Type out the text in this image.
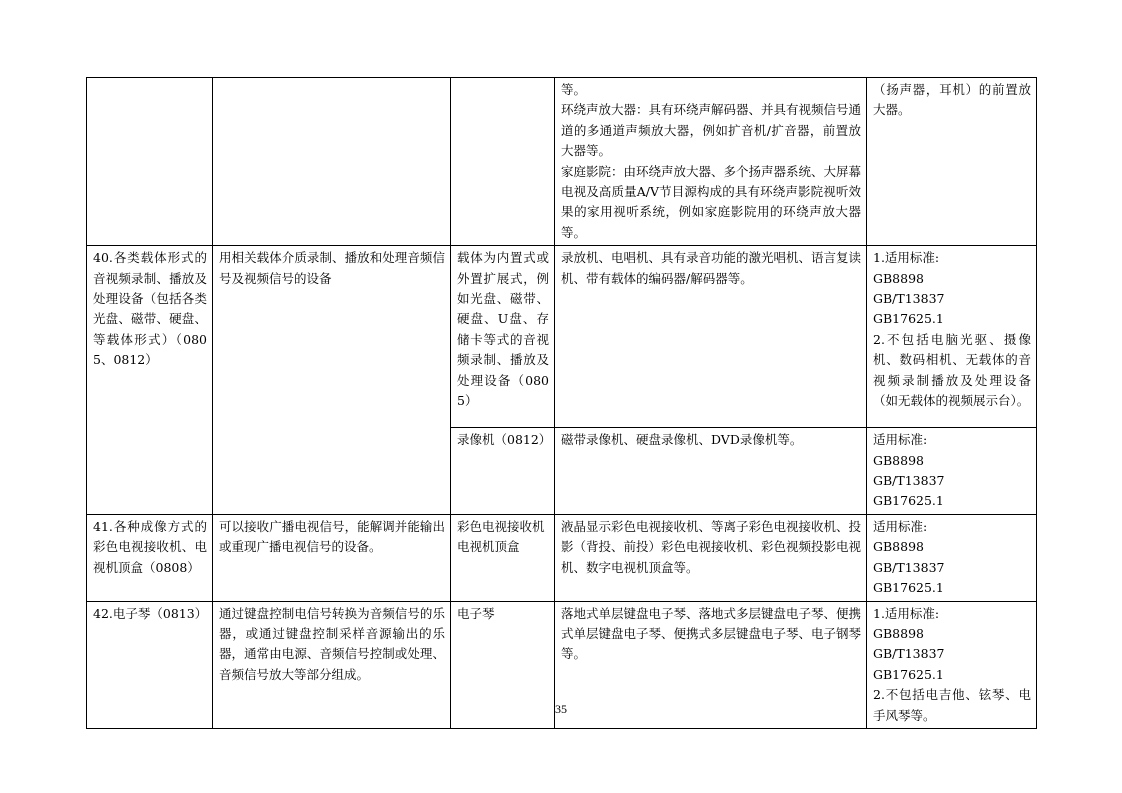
			等。
环绕声放大器：具有环绕声解码器、并具有视频信号通道的多通道声频放大器，例如扩音机/扩音器，前置放大器等。
家庭影院：由环绕声放大器、多个扬声器系统、大屏幕电视及高质量A/V节目源构成的具有环绕声影院视听效果的家用视听系统，例如家庭影院用的环绕声放大器等。	（扬声器，耳机）的前置放大器。
40.各类载体形式的音视频录制、播放及处理设备（包括各类光盘、磁带、硬盘、等载体形式）（0805、0812）	用相关载体介质录制、播放和处理音频信号及视频信号的设备	载体为内置式或外置扩展式，例如光盘、磁带、硬盘、U盘、存储卡等式的音视频录制、播放及处理设备（0805）	录放机、电唱机、具有录音功能的激光唱机、语言复读机、带有载体的编码器/解码器等。	1.适用标准:
GB8898
GB/T13837
GB17625.1
2.不包括电脑光驱、摄像机、数码相机、无载体的音视频录制播放及处理设备（如无载体的视频展示台）。

		录像机（0812）	磁带录像机、硬盘录像机、DVD录像机等。	适用标准:
GB8898
GB/T13837
GB17625.1

41.各种成像方式的彩色电视接收机、电视机顶盒（0808）	可以接收广播电视信号，能解调并能输出或重现广播电视信号的设备。	彩色电视接收机
电视机顶盒	液晶显示彩色电视接收机、等离子彩色电视接收机、投影（背投、前投）彩色电视接收机、彩色视频投影电视机、数字电视机顶盒等。	适用标准:
GB8898
GB/T13837
GB17625.1

42.电子琴（0813）	通过键盘控制电信号转换为音频信号的乐器，或通过键盘控制采样音源输出的乐器，通常由电源、音频信号控制或处理、音频信号放大等部分组成。	电子琴	落地式单层键盘电子琴、落地式多层键盘电子琴、便携式单层键盘电子琴、便携式多层键盘电子琴、电子钢琴等。	1.适用标准:
GB8898
GB/T13837
GB17625.1
2.不包括电吉他、铉琴、电手风琴等。
35
